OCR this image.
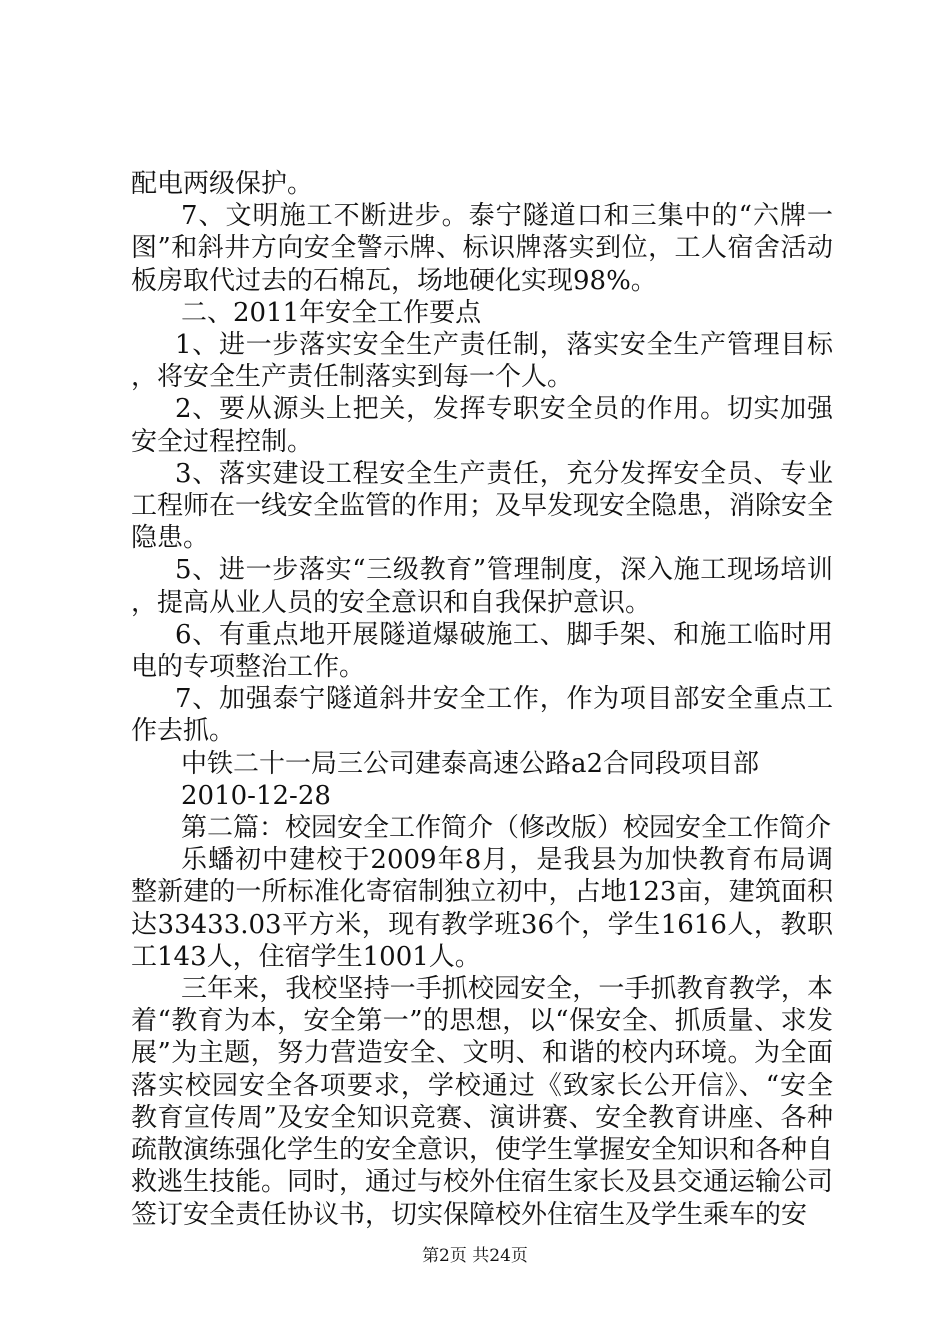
配电两级保护。

7、文明施工不断进步。泰宁隧道口和三集中的“六牌一图”和斜井方向安全警示牌、标识牌落实到位，工人宿舍活动板房取代过去的石棉瓦，场地硬化实现98%。

二、2011年安全工作要点

1、进一步落实安全生产责任制，落实安全生产管理目标，将安全生产责任制落实到每一个人。

2、要从源头上把关，发挥专职安全员的作用。切实加强安全过程控制。

3、落实建设工程安全生产责任，充分发挥安全员、专业工程师在一线安全监管的作用；及早发现安全隐患，消除安全隐患。

5、进一步落实“三级教育”管理制度，深入施工现场培训，提高从业人员的安全意识和自我保护意识。

6、有重点地开展隧道爆破施工、脚手架、和施工临时用电的专项整治工作。

7、加强泰宁隧道斜井安全工作，作为项目部安全重点工作去抓。

中铁二十一局三公司建泰高速公路a2合同段项目部

2010-12-28

第二篇：校园安全工作简介（修改版）校园安全工作简介

乐蟠初中建校于2009年8月，是我县为加快教育布局调整新建的一所标准化寄宿制独立初中，占地123亩，建筑面积达33433.03平方米，现有教学班36个，学生1616人，教职工143人，住宿学生1001人。

三年来，我校坚持一手抓校园安全，一手抓教育教学，本着“教育为本，安全第一”的思想，以“保安全、抓质量、求发展”为主题，努力营造安全、文明、和谐的校内环境。为全面落实校园安全各项要求，学校通过《致家长公开信》、“安全教育宣传周”及安全知识竞赛、演讲赛、安全教育讲座、各种疏散演练强化学生的安全意识，使学生掌握安全知识和各种自救逃生技能。同时，通过与校外住宿生家长及县交通运输公司签订安全责任协议书，切实保障校外住宿生及学生乘车的安

第2页 共24页
